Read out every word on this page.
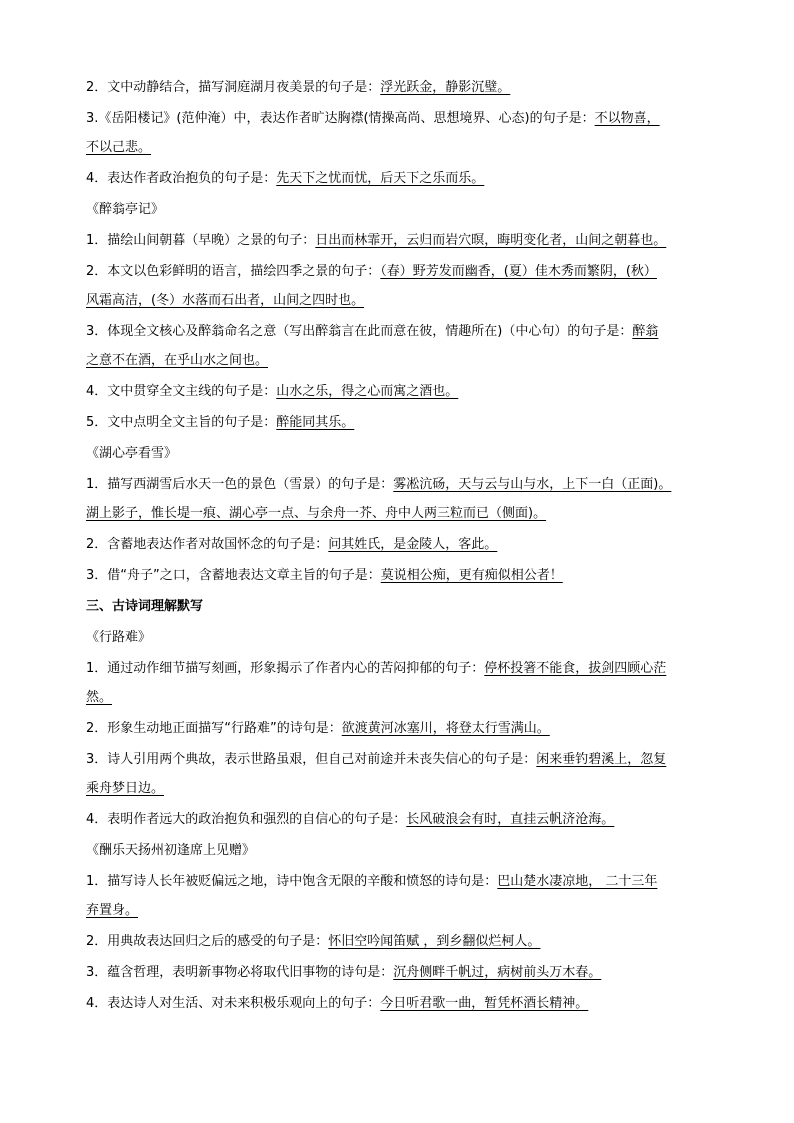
2．文中动静结合，描写洞庭湖月夜美景的句子是：浮光跃金，静影沉璧。
3.《岳阳楼记》(范仲淹）中，表达作者旷达胸襟(情操高尚、思想境界、心态)的句子是：不以物喜，
不以己悲。
4．表达作者政治抱负的句子是：先天下之忧而忧，后天下之乐而乐。
《醉翁亭记》
1．描绘山间朝暮（早晚）之景的句子：日出而林霏开，云归而岩穴暝，晦明变化者，山间之朝暮也。
2．本文以色彩鲜明的语言，描绘四季之景的句子：（春）野芳发而幽香，(夏）佳木秀而繁阴，(秋）
风霜高洁，(冬）水落而石出者，山间之四时也。
3．体现全文核心及醉翁命名之意（写出醉翁言在此而意在彼，情趣所在)（中心句）的句子是：醉翁
之意不在酒，在乎山水之间也。
4．文中贯穿全文主线的句子是：山水之乐，得之心而寓之酒也。
5．文中点明全文主旨的句子是：醉能同其乐。
《湖心亭看雪》
1．描写西湖雪后水天一色的景色（雪景）的句子是：雾凇沆砀，天与云与山与水，上下一白（正面)。
湖上影子，惟长堤一痕、湖心亭一点、与余舟一芥、舟中人两三粒而已（侧面)。
2．含蓄地表达作者对故国怀念的句子是：问其姓氏，是金陵人，客此。
3．借“舟子”之口，含蓄地表达文章主旨的句子是：莫说相公痴，更有痴似相公者！
三、古诗词理解默写
《行路难》
1．通过动作细节描写刻画，形象揭示了作者内心的苦闷抑郁的句子：停杯投箸不能食，拔剑四顾心茫
然。
2．形象生动地正面描写“行路难”的诗句是：欲渡黄河冰塞川，将登太行雪满山。
3．诗人引用两个典故，表示世路虽艰，但自己对前途并未丧失信心的句子是：闲来垂钓碧溪上，忽复
乘舟梦日边。
4．表明作者远大的政治抱负和强烈的自信心的句子是：长风破浪会有时，直挂云帆济沧海。
《酬乐天扬州初逢席上见赠》
1．描写诗人长年被贬偏远之地，诗中饱含无限的辛酸和愤怒的诗句是：巴山楚水凄凉地， 二十三年
弃置身。
2．用典故表达回归之后的感受的句子是：怀旧空吟闻笛赋 ，到乡翻似烂柯人。
3．蕴含哲理，表明新事物必将取代旧事物的诗句是：沉舟侧畔千帆过，病树前头万木春。
4．表达诗人对生活、对未来积极乐观向上的句子：今日听君歌一曲，暂凭杯酒长精神。
